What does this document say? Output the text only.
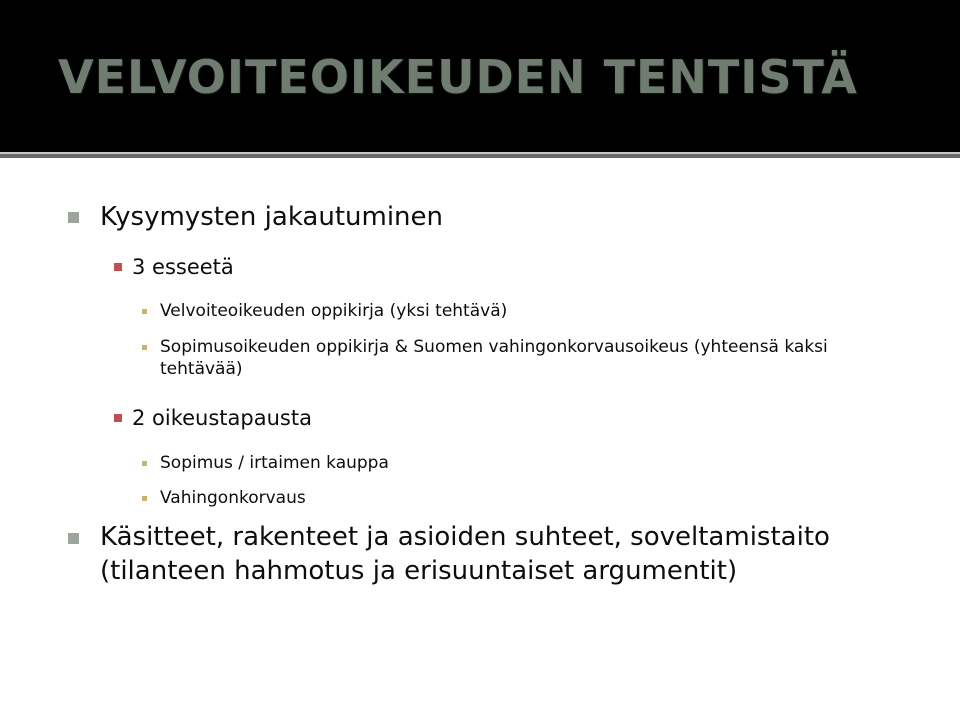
VELVOITEOIKEUDEN TENTISTÄ
Kysymysten jakautuminen
3 esseetä
Velvoiteoikeuden oppikirja (yksi tehtävä)
Sopimusoikeuden oppikirja & Suomen vahingonkorvausoikeus (yhteensä kaksi tehtävää)
2 oikeustapausta
Sopimus / irtaimen kauppa
Vahingonkorvaus
Käsitteet, rakenteet ja asioiden suhteet, soveltamistaito (tilanteen hahmotus ja erisuuntaiset argumentit)
